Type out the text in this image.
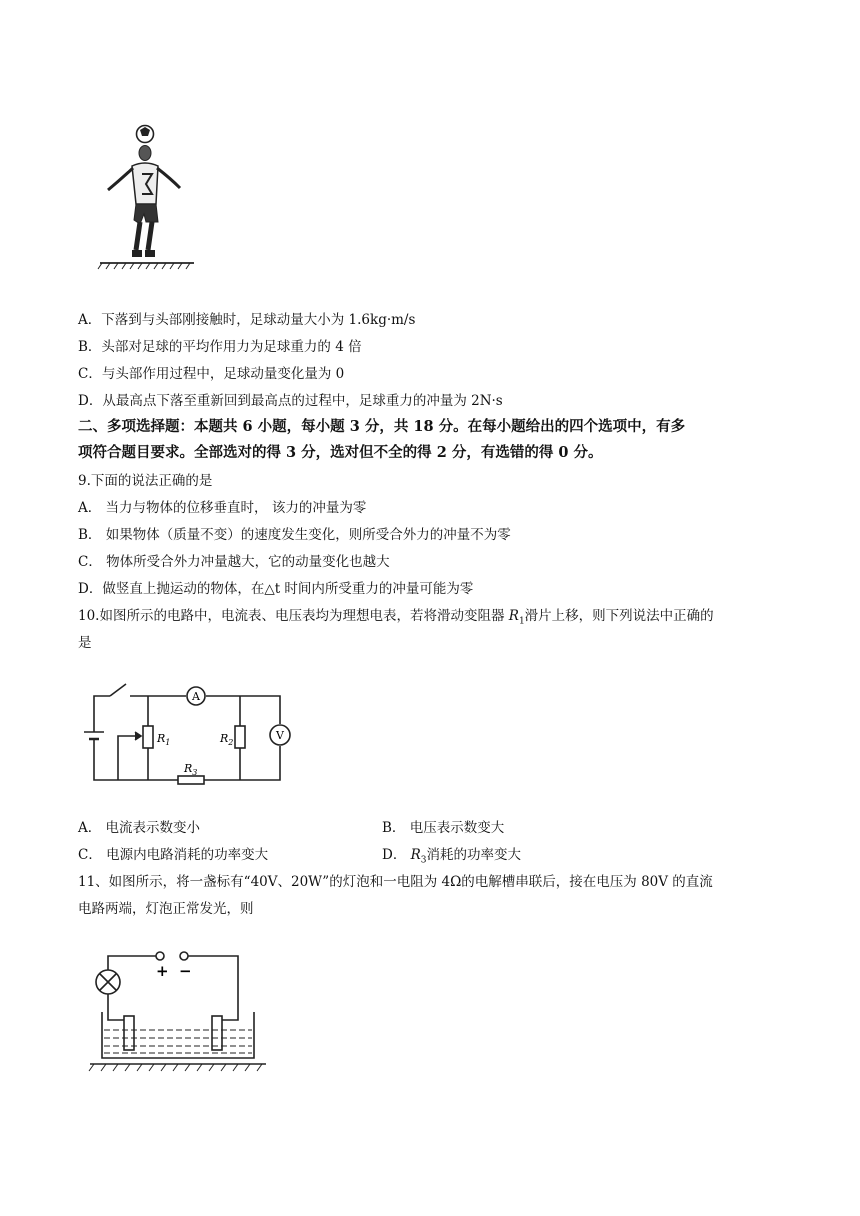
A．下落到与头部刚接触时，足球动量大小为 1.6kg·m/s
B．头部对足球的平均作用力为足球重力的 4 倍
C．与头部作用过程中，足球动量变化量为 0
D．从最高点下落至重新回到最高点的过程中，足球重力的冲量为 2N·s
二、多项选择题：本题共 6 小题，每小题 3 分，共 18 分。在每小题给出的四个选项中，有多
项符合题目要求。全部选对的得 3 分，选对但不全的得 2 分，有选错的得 0 分。
9.下面的说法正确的是
A． 当力与物体的位移垂直时， 该力的冲量为零
B． 如果物体（质量不变）的速度发生变化，则所受合外力的冲量不为零
C． 物体所受合外力冲量越大，它的动量变化也越大
D．做竖直上抛运动的物体，在△t 时间内所受重力的冲量可能为零
10.如图所示的电路中，电流表、电压表均为理想电表，若将滑动变阻器 $R_1$滑片上移，则下列说法中正确的
是
A
V
$R_1$	$R_2$
$R_3$
A． 电流表示数变小	B． 电压表示数变大
C． 电源内电路消耗的功率变大	D． $R_3$消耗的功率变大
11、如图所示，将一盏标有“40V、20W”的灯泡和一电阻为 4Ω的电解槽串联后，接在电压为 80V 的直流
电路两端，灯泡正常发光，则
+ −
